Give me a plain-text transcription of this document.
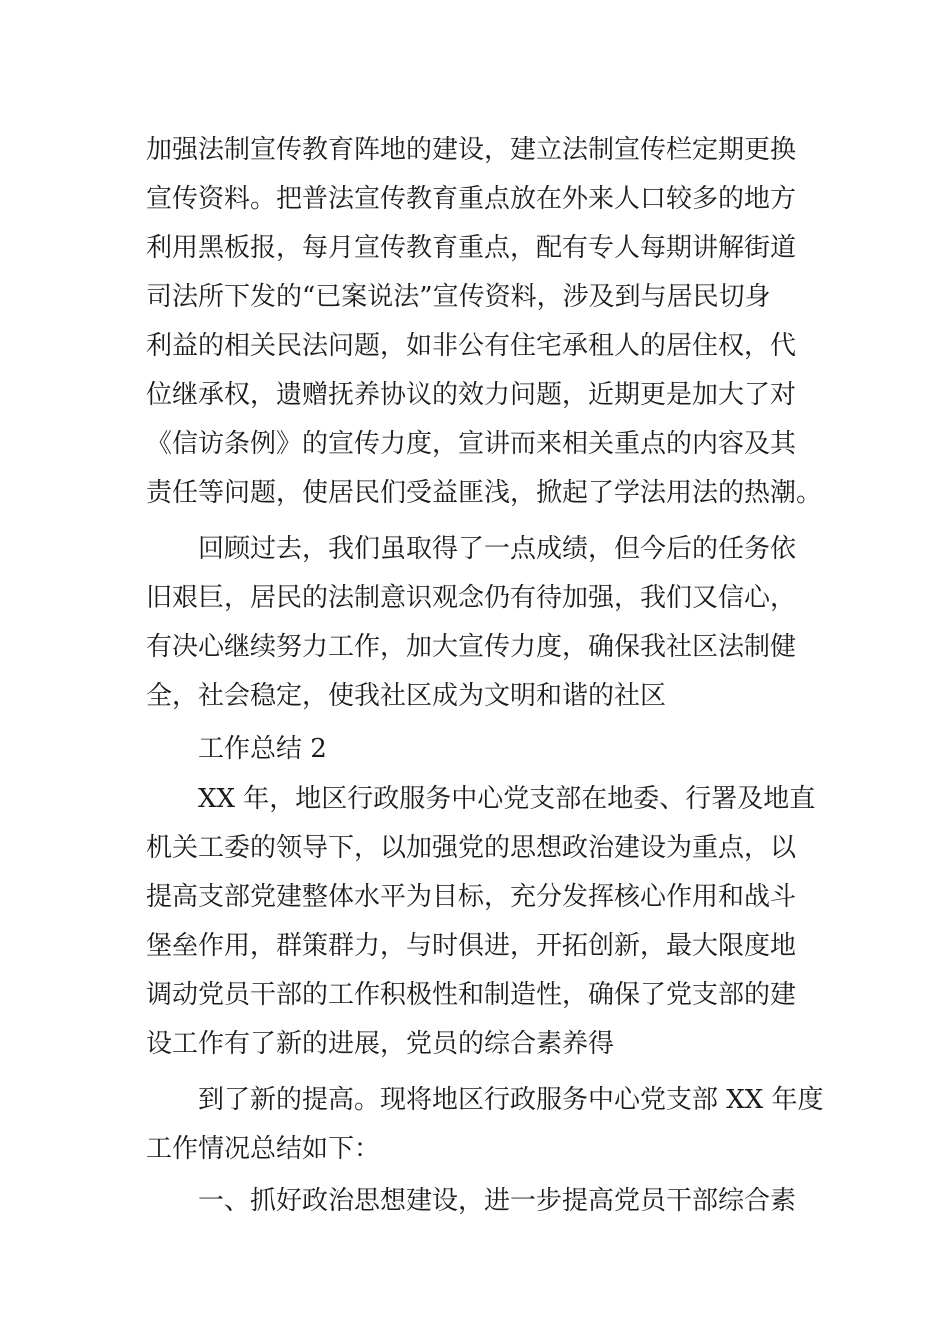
加强法制宣传教育阵地的建设，建立法制宣传栏定期更换
宣传资料。把普法宣传教育重点放在外来人口较多的地方
利用黑板报，每月宣传教育重点，配有专人每期讲解街道
司法所下发的“已案说法”宣传资料，涉及到与居民切身
利益的相关民法问题，如非公有住宅承租人的居住权，代
位继承权，遗赠抚养协议的效力问题，近期更是加大了对
《信访条例》的宣传力度，宣讲而来相关重点的内容及其
责任等问题，使居民们受益匪浅，掀起了学法用法的热潮。
回顾过去，我们虽取得了一点成绩，但今后的任务依
旧艰巨，居民的法制意识观念仍有待加强，我们又信心，
有决心继续努力工作，加大宣传力度，确保我社区法制健
全，社会稳定，使我社区成为文明和谐的社区
工作总结 2
XX 年，地区行政服务中心党支部在地委、行署及地直
机关工委的领导下，以加强党的思想政治建设为重点，以
提高支部党建整体水平为目标，充分发挥核心作用和战斗
堡垒作用，群策群力，与时俱进，开拓创新，最大限度地
调动党员干部的工作积极性和制造性，确保了党支部的建
设工作有了新的进展，党员的综合素养得
到了新的提高。现将地区行政服务中心党支部 XX 年度
工作情况总结如下：
一、抓好政治思想建设，进一步提高党员干部综合素
